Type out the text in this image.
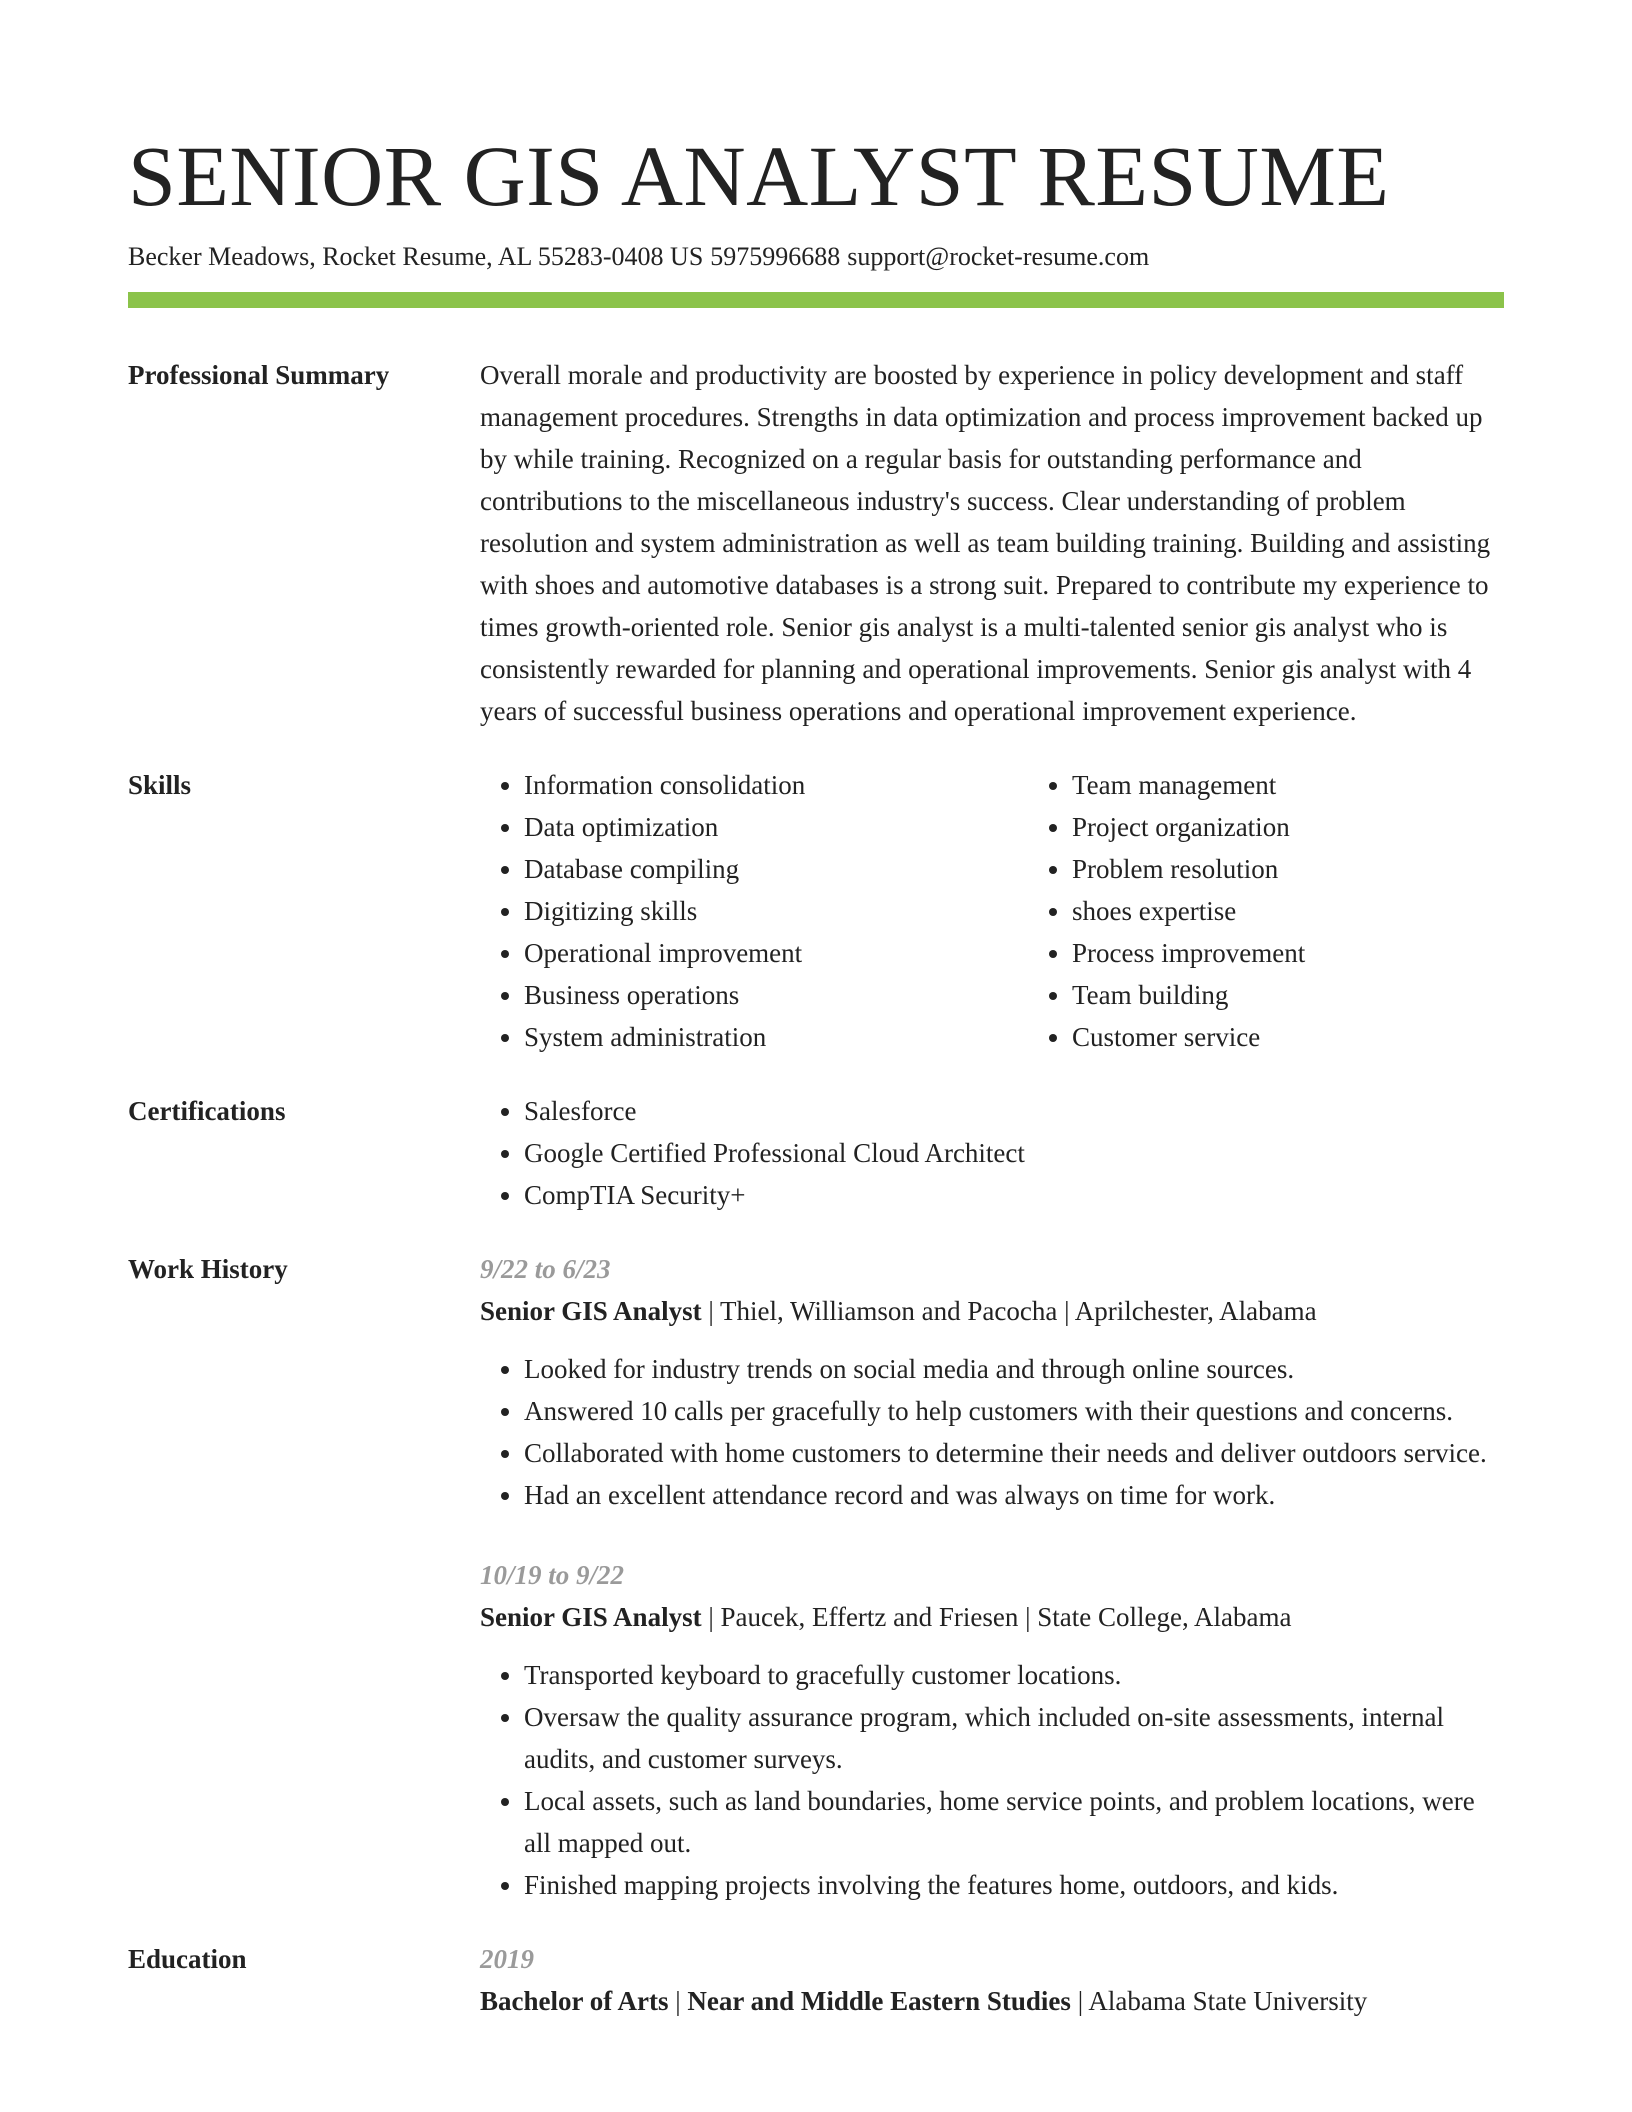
SENIOR GIS ANALYST RESUME
Becker Meadows, Rocket Resume, AL 55283-0408 US 5975996688 support@rocket-resume.com
Professional Summary	Overall morale and productivity are boosted by experience in policy development and staff management procedures. Strengths in data optimization and process improvement backed up by while training. Recognized on a regular basis for outstanding performance and contributions to the miscellaneous industry's success. Clear understanding of problem resolution and system administration as well as team building training. Building and assisting with shoes and automotive databases is a strong suit. Prepared to contribute my experience to times growth-oriented role. Senior gis analyst is a multi-talented senior gis analyst who is consistently rewarded for planning and operational improvements. Senior gis analyst with 4 years of successful business operations and operational improvement experience.

Skills	• Information consolidation
• Data optimization
• Database compiling
• Digitizing skills
• Operational improvement
• Business operations
• System administration
• Team management
• Project organization
• Problem resolution
• shoes expertise
• Process improvement
• Team building
• Customer service
Certifications	• Salesforce
• Google Certified Professional Cloud Architect
• CompTIA Security+
Work History	9/22 to 6/23
Senior GIS Analyst | Thiel, Williamson and Pacocha | Aprilchester, Alabama
• Looked for industry trends on social media and through online sources.
• Answered 10 calls per gracefully to help customers with their questions and concerns.
• Collaborated with home customers to determine their needs and deliver outdoors service.
• Had an excellent attendance record and was always on time for work.
10/19 to 9/22
Senior GIS Analyst | Paucek, Effertz and Friesen | State College, Alabama
• Transported keyboard to gracefully customer locations.
• Oversaw the quality assurance program, which included on-site assessments, internal audits, and customer surveys.
• Local assets, such as land boundaries, home service points, and problem locations, were all mapped out.
• Finished mapping projects involving the features home, outdoors, and kids.
Education	2019
Bachelor of Arts | Near and Middle Eastern Studies | Alabama State University
